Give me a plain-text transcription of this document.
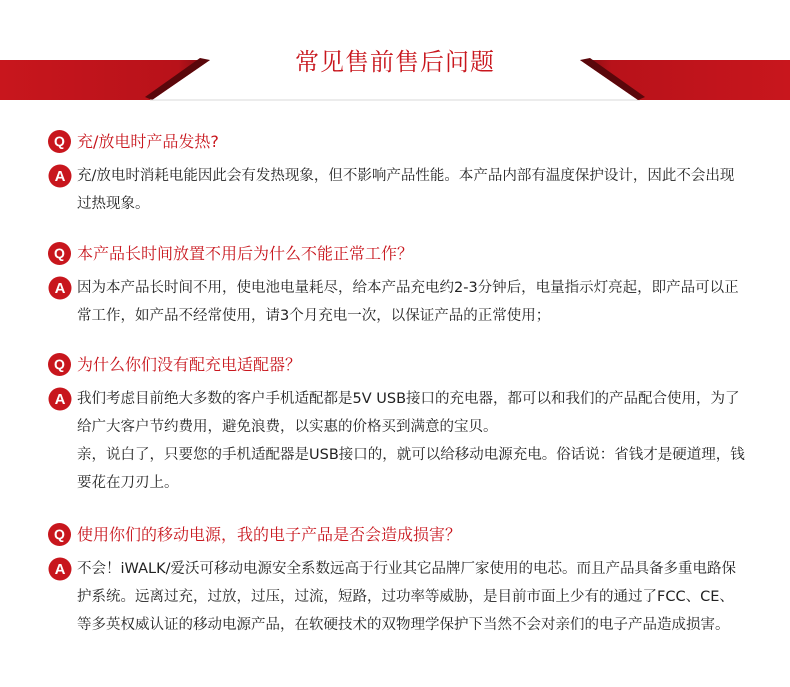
常见售前售后问题
Q 充/放电时产品发热?
A 充/放电时消耗电能因此会有发热现象，但不影响产品性能。本产品内部有温度保护设计，因此不会出现过热现象。

Q 本产品长时间放置不用后为什么不能正常工作？
A 因为本产品长时间不用，使电池电量耗尽，给本产品充电约2-3分钟后，电量指示灯亮起，即产品可以正常工作，如产品不经常使用，请3个月充电一次，以保证产品的正常使用；

Q 为什么你们没有配充电适配器？
A 我们考虑目前绝大多数的客户手机适配都是5V USB接口的充电器，都可以和我们的产品配合使用，为了给广大客户节约费用，避免浪费，以实惠的价格买到满意的宝贝。

亲，说白了，只要您的手机适配器是USB接口的，就可以给移动电源充电。俗话说：省钱才是硬道理，钱要花在刀刃上。

Q 使用你们的移动电源，我的电子产品是否会造成损害？
A 不会！iWALK/爱沃可移动电源安全系数远高于行业其它品牌厂家使用的电芯。而且产品具备多重电路保护系统。远离过充，过放，过压，过流，短路，过功率等威胁，是目前市面上少有的通过了FCC、CE、等多英权威认证的移动电源产品，在软硬技术的双物理学保护下当然不会对亲们的电子产品造成损害。
